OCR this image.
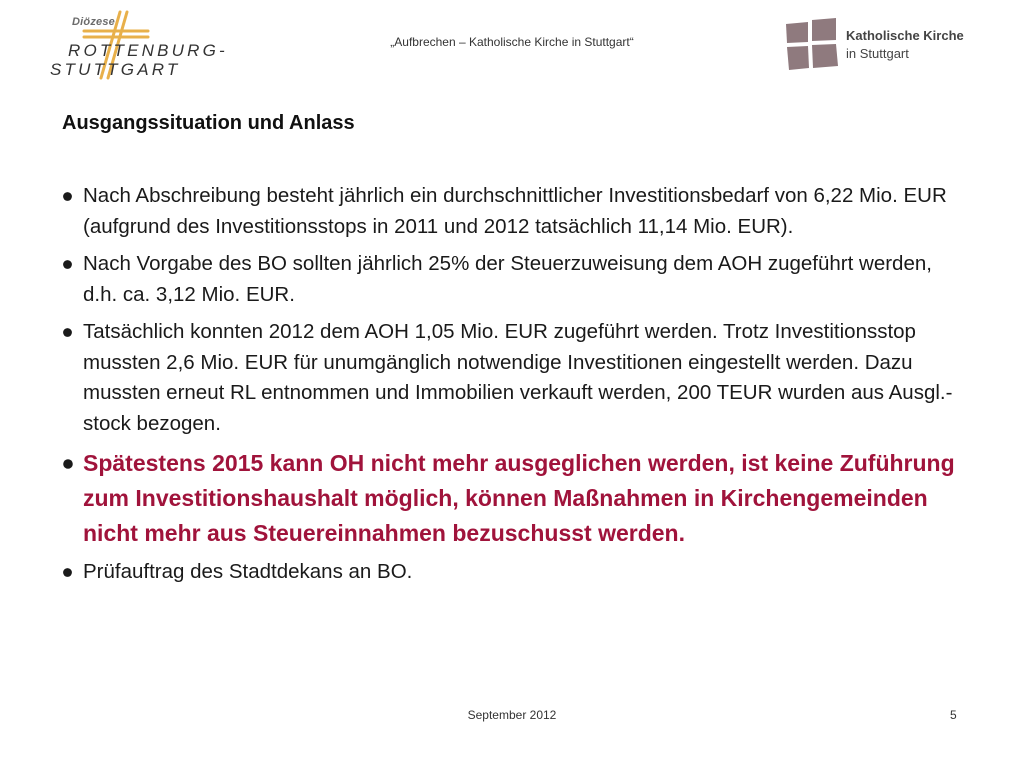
Diözese
ROTTENBURG-
STUTTGART
„Aufbrechen – Katholische Kirche in Stuttgart“	Katholische Kirche
in Stuttgart
Ausgangssituation und Anlass
Nach Abschreibung besteht jährlich ein durchschnittlicher Investitionsbedarf von 6,22 Mio. EUR (aufgrund des Investitionsstops in 2011 und 2012 tatsächlich 11,14 Mio. EUR).
Nach Vorgabe des BO sollten jährlich 25% der Steuerzuweisung dem AOH zugeführt werden, d.h. ca. 3,12 Mio. EUR.
Tatsächlich konnten 2012 dem AOH 1,05 Mio. EUR zugeführt werden. Trotz Investitionsstop mussten 2,6 Mio. EUR für unumgänglich notwendige Investitionen eingestellt werden. Dazu mussten erneut RL entnommen und Immobilien verkauft werden, 200 TEUR wurden aus Ausgl.-stock bezogen.
Spätestens 2015 kann OH nicht mehr ausgeglichen werden, ist keine Zuführung zum Investitionshaushalt möglich, können Maßnahmen in Kirchengemeinden nicht mehr aus Steuereinnahmen bezuschusst werden.
Prüfauftrag des Stadtdekans an BO.
September 2012	5
